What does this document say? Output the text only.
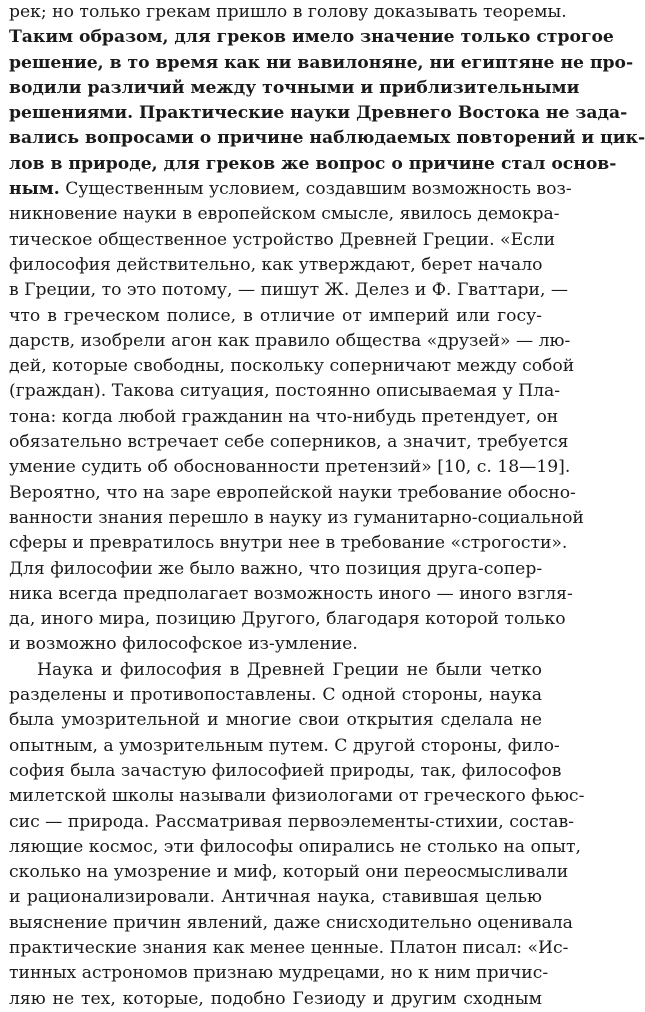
рек; но только грекам пришло в голову доказывать теоремы.
Таким образом, для греков имело значение только строгое
решение, в то время как ни вавилоняне, ни египтяне не про-
водили различий между точными и приблизительными
решениями. Практические науки Древнего Востока не зада-
вались вопросами о причине наблюдаемых повторений и цик-
лов в природе, для греков же вопрос о причине стал основ-
ным. Существенным условием, создавшим возможность воз-
никновение науки в европейском смысле, явилось демокра-
тическое общественное устройство Древней Греции. «Если
философия действительно, как утверждают, берет начало
в Греции, то это потому, — пишут Ж. Делез и Ф. Гваттари, —
что в греческом полисе, в отличие от империй или госу-
дарств, изобрели агон как правило общества «друзей» — лю-
дей, которые свободны, поскольку соперничают между собой
(граждан). Такова ситуация, постоянно описываемая у Пла-
тона: когда любой гражданин на что-нибудь претендует, он
обязательно встречает себе соперников, а значит, требуется
умение судить об обоснованности претензий» [10, с. 18—19].
Вероятно, что на заре европейской науки требование обосно-
ванности знания перешло в науку из гуманитарно-социальной
сферы и превратилось внутри нее в требование «строгости».
Для философии же было важно, что позиция друга-сопер-
ника всегда предполагает возможность иного — иного взгля-
да, иного мира, позицию Другого, благодаря которой только
и возможно философское из-умление.
Наука и философия в Древней Греции не были четко
разделены и противопоставлены. С одной стороны, наука
была умозрительной и многие свои открытия сделала не
опытным, а умозрительным путем. С другой стороны, фило-
софия была зачастую философией природы, так, философов
милетской школы называли физиологами от греческого фьюс-
сис — природа. Рассматривая первоэлементы-стихии, состав-
ляющие космос, эти философы опирались не столько на опыт,
сколько на умозрение и миф, который они переосмысливали
и рационализировали. Античная наука, ставившая целью
выяснение причин явлений, даже снисходительно оценивала
практические знания как менее ценные. Платон писал: «Ис-
тинных астрономов признаю мудрецами, но к ним причис-
ляю не тех, которые, подобно Гезиоду и другим сходным
